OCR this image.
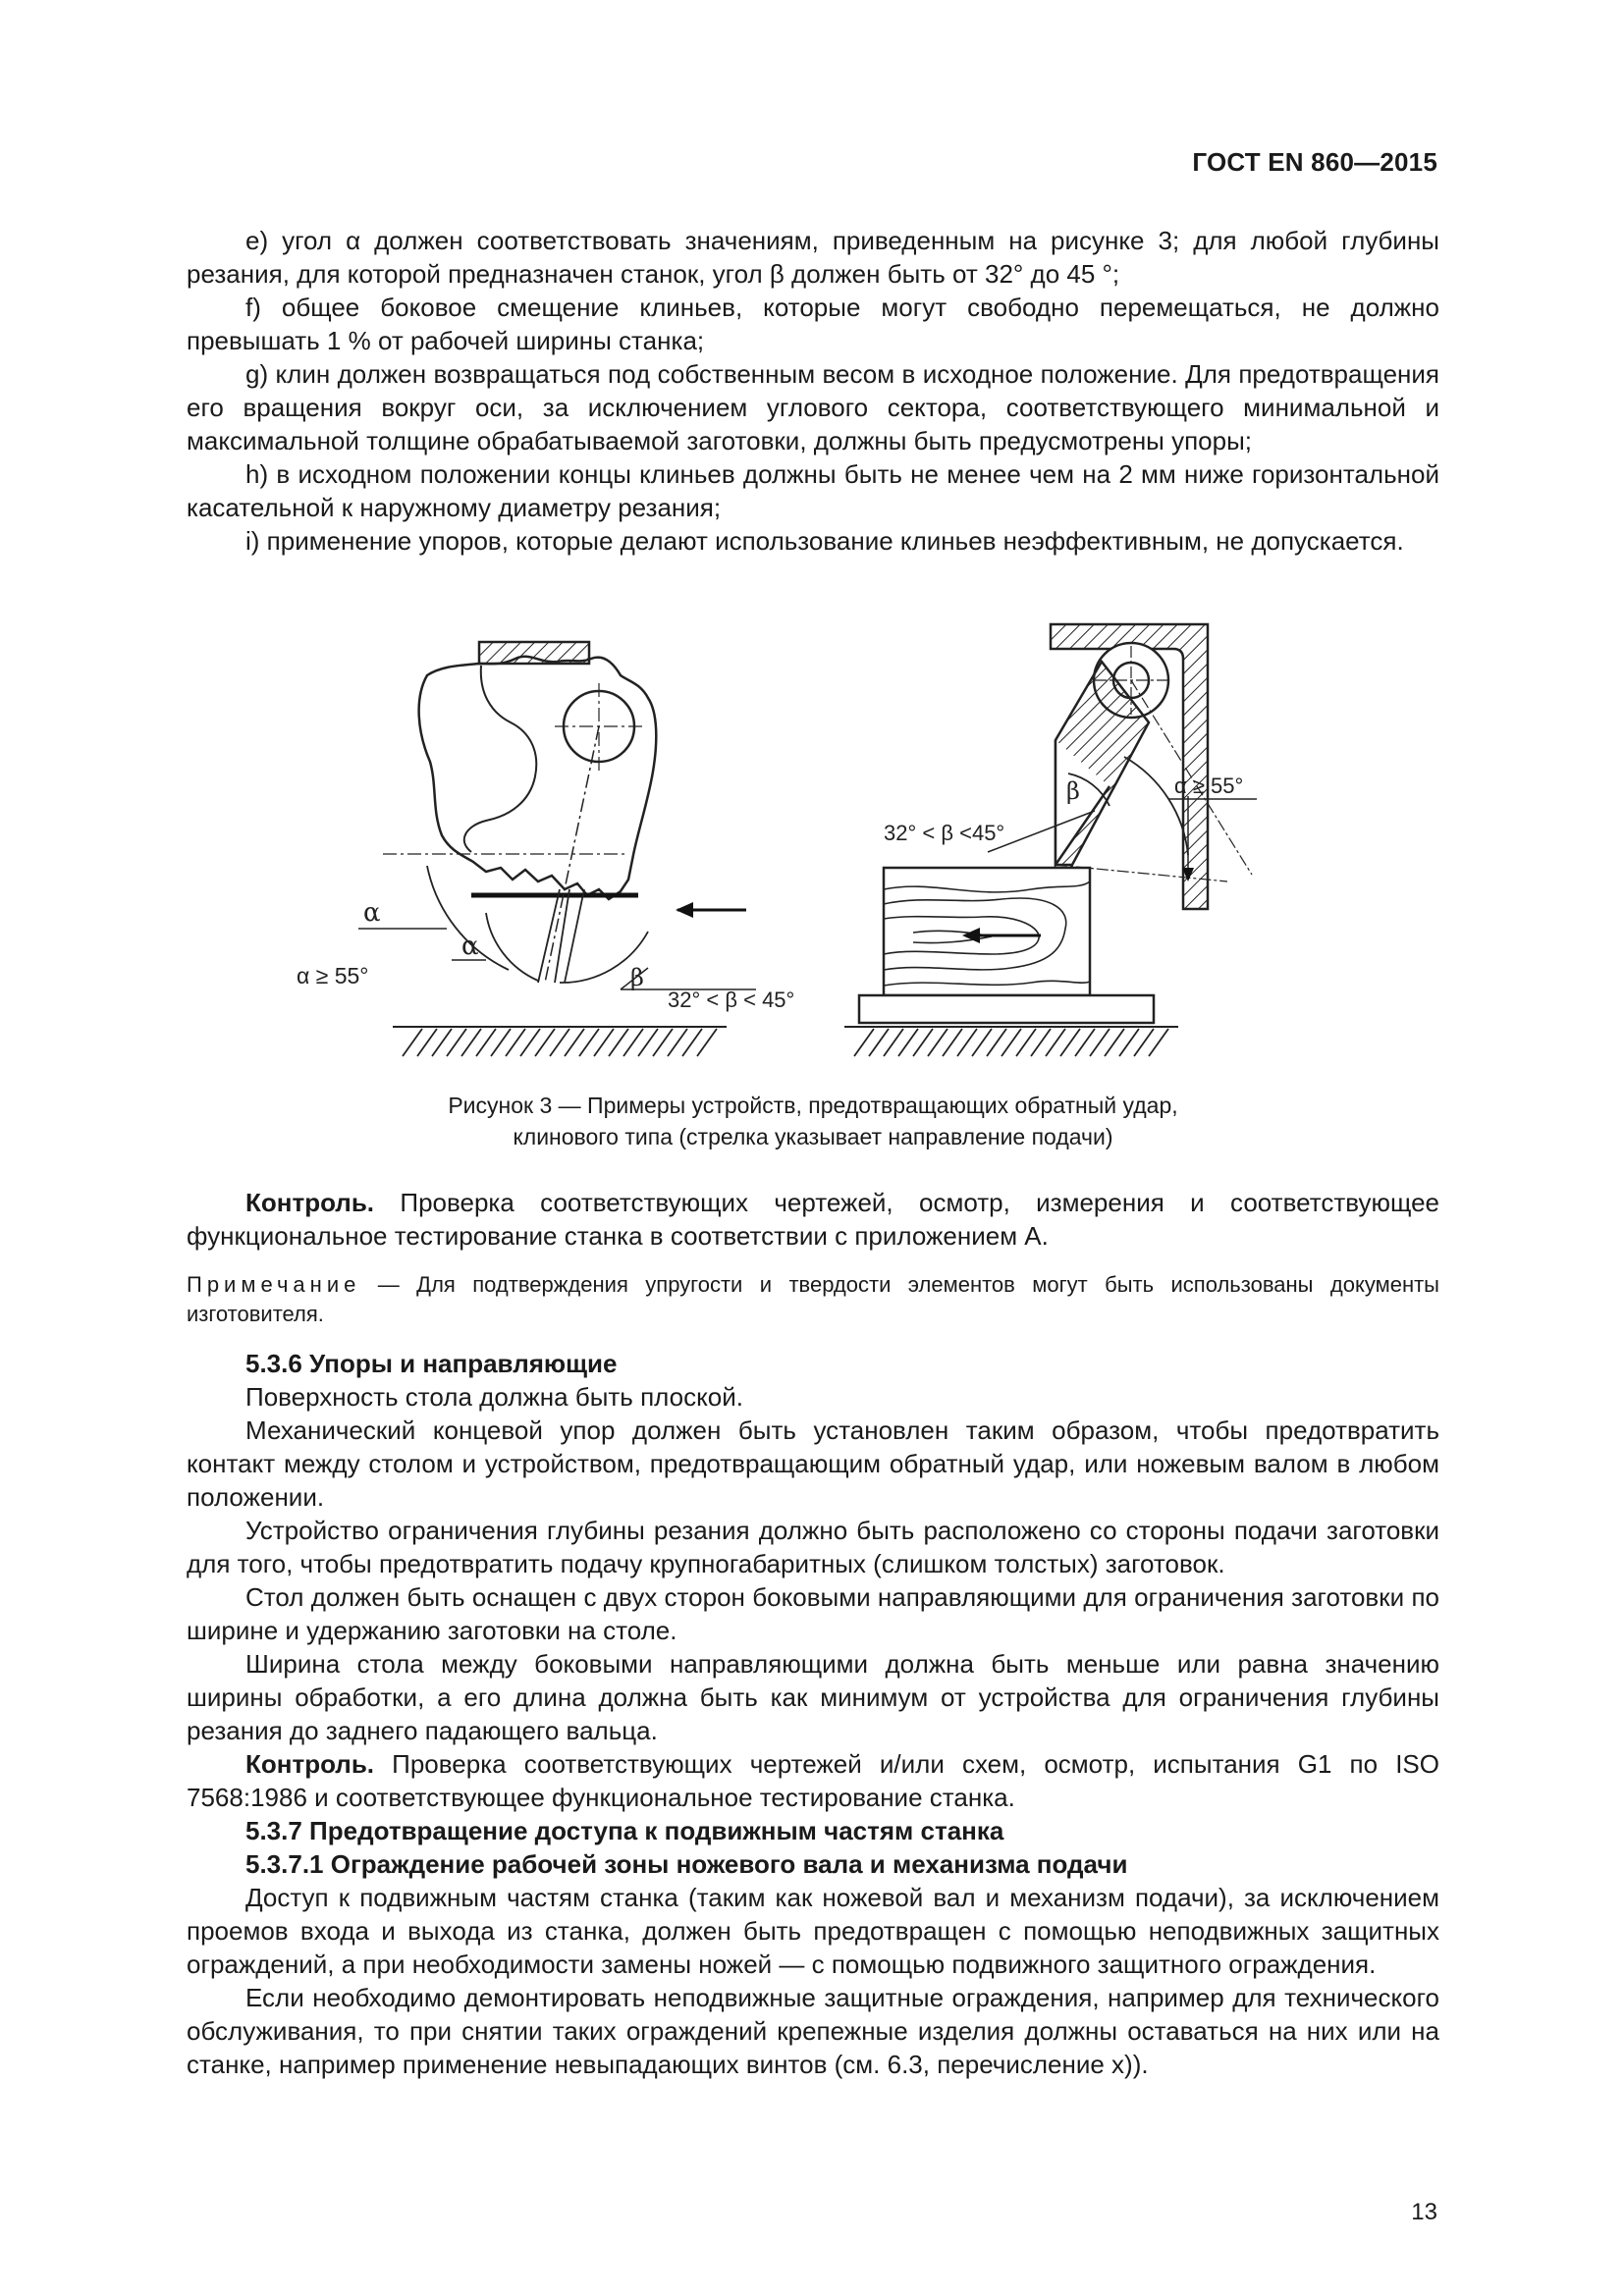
ГОСТ EN 860—2015

е) угол α должен соответствовать значениям, приведенным на рисунке 3; для любой глубины резания, для которой предназначен станок, угол β должен быть от 32° до 45 °;

f) общее боковое смещение клиньев, которые могут свободно перемещаться, не должно превышать 1 % от рабочей ширины станка;

g) клин должен возвращаться под собственным весом в исходное положение. Для предотвращения его вращения вокруг оси, за исключением углового сектора, соответствующего минимальной и максимальной толщине обрабатываемой заготовки, должны быть предусмотрены упоры;

h) в исходном положении концы клиньев должны быть не менее чем на 2 мм ниже горизонтальной касательной к наружному диаметру резания;

i) применение упоров, которые делают использование клиньев неэффективным, не допускается.

α
α ≥ 55°
α
β
32° < β < 45°
β
32° < β <45°
α ≥ 55°
Рисунок 3 — Примеры устройств, предотвращающих обратный удар,
клинового типа (стрелка указывает направление подачи)

Контроль. Проверка соответствующих чертежей, осмотр, измерения и соответствующее функциональное тестирование станка в соответствии с приложением А.

Примечание — Для подтверждения упругости и твердости элементов могут быть использованы документы изготовителя.

5.3.6 Упоры и направляющие

Поверхность стола должна быть плоской.

Механический концевой упор должен быть установлен таким образом, чтобы предотвратить контакт между столом и устройством, предотвращающим обратный удар, или ножевым валом в любом положении.

Устройство ограничения глубины резания должно быть расположено со стороны подачи заготовки для того, чтобы предотвратить подачу крупногабаритных (слишком толстых) заготовок.

Стол должен быть оснащен с двух сторон боковыми направляющими для ограничения заготовки по ширине и удержанию заготовки на столе.

Ширина стола между боковыми направляющими должна быть меньше или равна значению ширины обработки, а его длина должна быть как минимум от устройства для ограничения глубины резания до заднего падающего вальца.

Контроль. Проверка соответствующих чертежей и/или схем, осмотр, испытания G1 по ISO 7568:1986 и соответствующее функциональное тестирование станка.

5.3.7 Предотвращение доступа к подвижным частям станка
5.3.7.1 Ограждение рабочей зоны ножевого вала и механизма подачи

Доступ к подвижным частям станка (таким как ножевой вал и механизм подачи), за исключением проемов входа и выхода из станка, должен быть предотвращен с помощью неподвижных защитных ограждений, а при необходимости замены ножей — с помощью подвижного защитного ограждения.

Если необходимо демонтировать неподвижные защитные ограждения, например для технического обслуживания, то при снятии таких ограждений крепежные изделия должны оставаться на них или на станке, например применение невыпадающих винтов (см. 6.3, перечисление x)).

13
